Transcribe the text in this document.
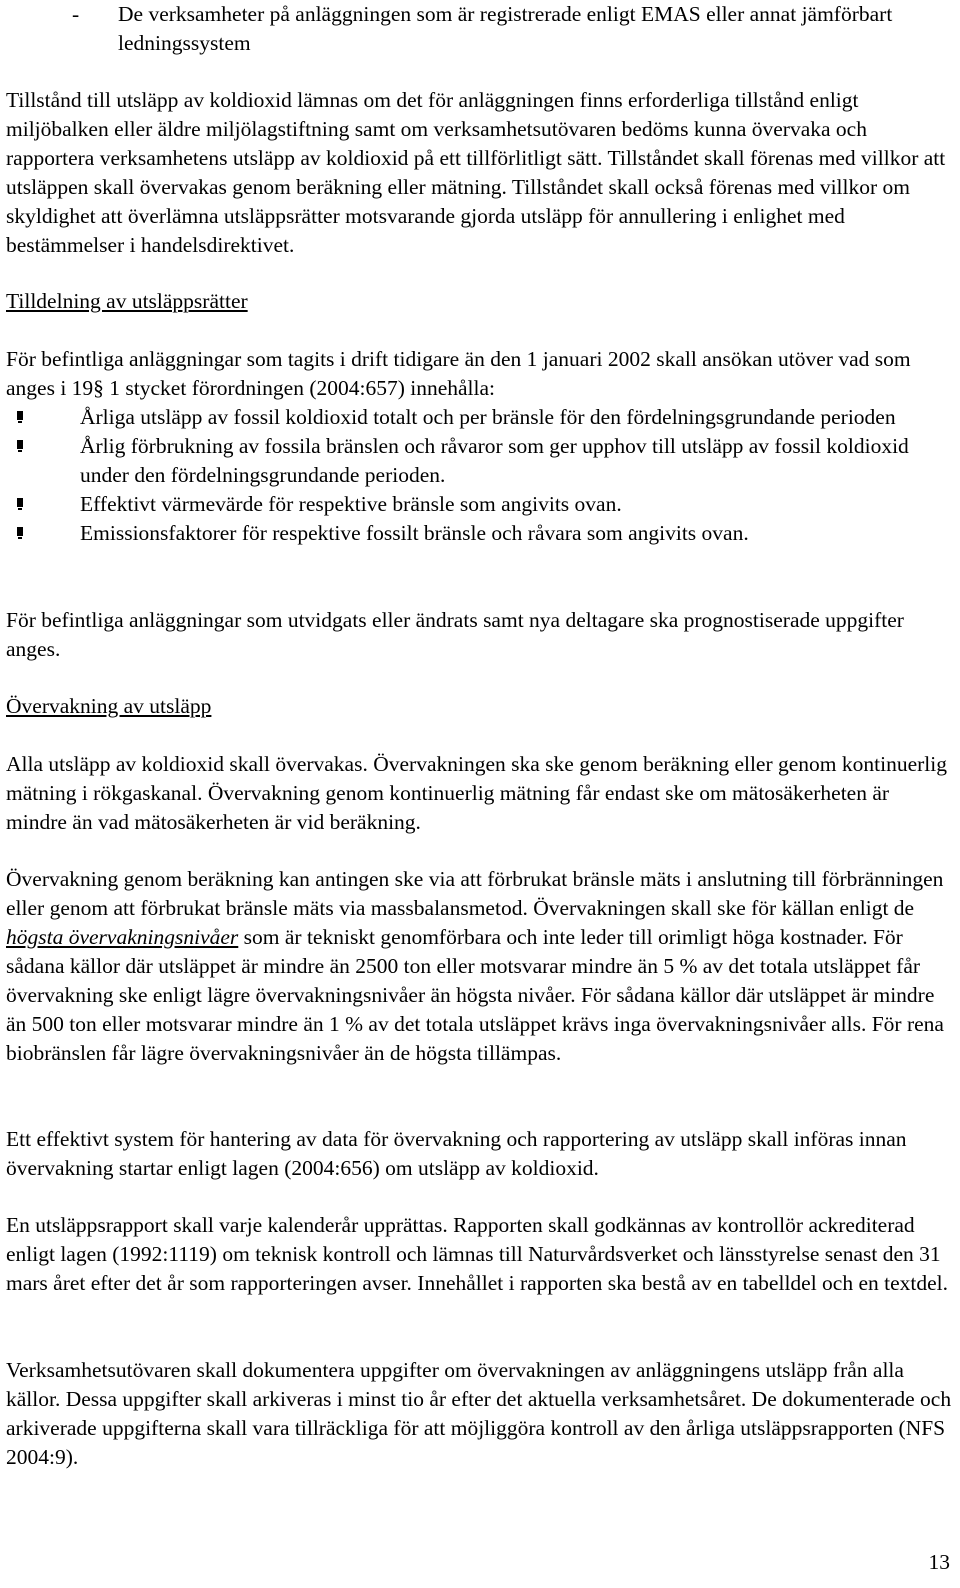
- De verksamheter på anläggningen som är registrerade enligt EMAS eller annat jämförbart ledningssystem

Tillstånd till utsläpp av koldioxid lämnas om det för anläggningen finns erforderliga tillstånd enligt miljöbalken eller äldre miljölagstiftning samt om verksamhetsutövaren bedöms kunna övervaka och rapportera verksamhetens utsläpp av koldioxid på ett tillförlitligt sätt. Tillståndet skall förenas med villkor att utsläppen skall övervakas genom beräkning eller mätning. Tillståndet skall också förenas med villkor om skyldighet att överlämna utsläppsrätter motsvarande gjorda utsläpp för annullering i enlighet med bestämmelser i handelsdirektivet.

Tilldelning av utsläppsrätter

För befintliga anläggningar som tagits i drift tidigare än den 1 januari 2002 skall ansökan utöver vad som anges i 19§ 1 stycket förordningen (2004:657) innehålla:

Årliga utsläpp av fossil koldioxid totalt och per bränsle för den fördelningsgrundande perioden
Årlig förbrukning av fossila bränslen och råvaror som ger upphov till utsläpp av fossil koldioxid under den fördelningsgrundande perioden.
Effektivt värmevärde för respektive bränsle som angivits ovan.
Emissionsfaktorer för respektive fossilt bränsle och råvara som angivits ovan.

För befintliga anläggningar som utvidgats eller ändrats samt nya deltagare ska prognostiserade uppgifter anges.

Övervakning av utsläpp

Alla utsläpp av koldioxid skall övervakas. Övervakningen ska ske genom beräkning eller genom kontinuerlig mätning i rökgaskanal. Övervakning genom kontinuerlig mätning får endast ske om mätosäkerheten är mindre än vad mätosäkerheten är vid beräkning.

Övervakning genom beräkning kan antingen ske via att förbrukat bränsle mäts i anslutning till förbränningen eller genom att förbrukat bränsle mäts via massbalansmetod. Övervakningen skall ske för källan enligt de högsta övervakningsnivåer som är tekniskt genomförbara och inte leder till orimligt höga kostnader. För sådana källor där utsläppet är mindre än 2500 ton eller motsvarar mindre än 5 % av det totala utsläppet får övervakning ske enligt lägre övervakningsnivåer än högsta nivåer. För sådana källor där utsläppet är mindre än 500 ton eller motsvarar mindre än 1 % av det totala utsläppet krävs inga övervakningsnivåer alls. För rena biobränslen får lägre övervakningsnivåer än de högsta tillämpas.

Ett effektivt system för hantering av data för övervakning och rapportering av utsläpp skall införas innan övervakning startar enligt lagen (2004:656) om utsläpp av koldioxid.

En utsläppsrapport skall varje kalenderår upprättas. Rapporten skall godkännas av kontrollör ackrediterad enligt lagen (1992:1119) om teknisk kontroll och lämnas till Naturvårdsverket och länsstyrelse senast den 31 mars året efter det år som rapporteringen avser. Innehållet i rapporten ska bestå av en tabelldel och en textdel.

Verksamhetsutövaren skall dokumentera uppgifter om övervakningen av anläggningens utsläpp från alla källor. Dessa uppgifter skall arkiveras i minst tio år efter det aktuella verksamhetsåret. De dokumenterade och arkiverade uppgifterna skall vara tillräckliga för att möjliggöra kontroll av den årliga utsläppsrapporten (NFS 2004:9).

13
